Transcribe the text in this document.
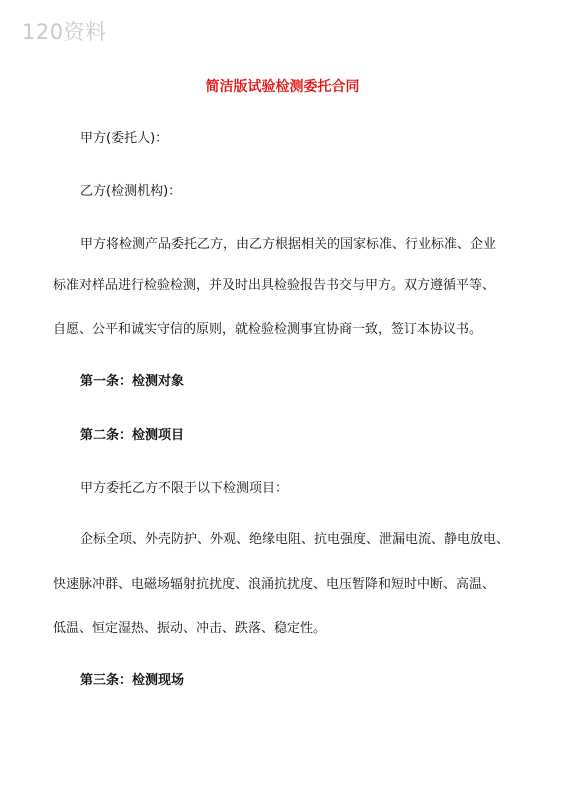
120资料
简洁版试验检测委托合同
甲方(委托人)：
乙方(检测机构)：
甲方将检测产品委托乙方，由乙方根据相关的国家标准、行业标准、企业
标准对样品进行检验检测，并及时出具检验报告书交与甲方。双方遵循平等、
自愿、公平和诚实守信的原则，就检验检测事宜协商一致，签订本协议书。
第一条：检测对象
第二条：检测项目
甲方委托乙方不限于以下检测项目：
企标全项、外壳防护、外观、绝缘电阻、抗电强度、泄漏电流、静电放电、
快速脉冲群、电磁场辐射抗扰度、浪涌抗扰度、电压暂降和短时中断、高温、
低温、恒定湿热、振动、冲击、跌落、稳定性。
第三条：检测现场
